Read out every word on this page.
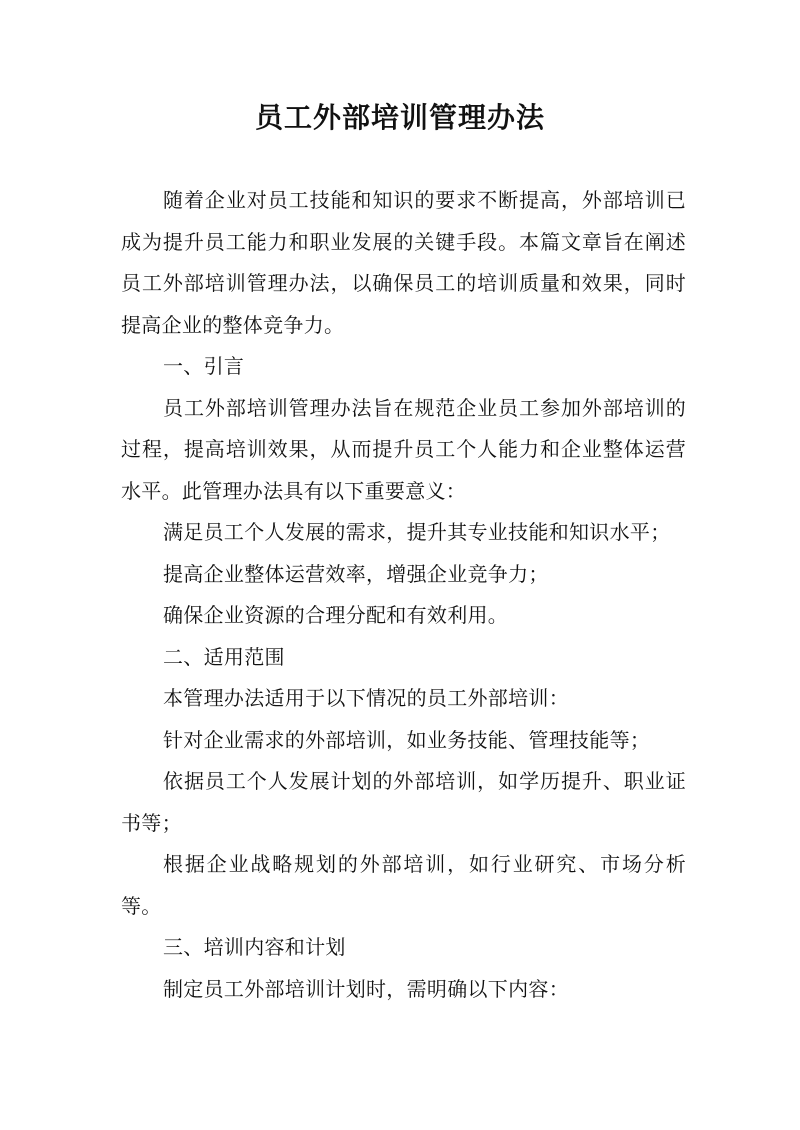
员工外部培训管理办法

随着企业对员工技能和知识的要求不断提高，外部培训已成为提升员工能力和职业发展的关键手段。本篇文章旨在阐述员工外部培训管理办法，以确保员工的培训质量和效果，同时提高企业的整体竞争力。

一、引言

员工外部培训管理办法旨在规范企业员工参加外部培训的过程，提高培训效果，从而提升员工个人能力和企业整体运营水平。此管理办法具有以下重要意义：

满足员工个人发展的需求，提升其专业技能和知识水平；

提高企业整体运营效率，增强企业竞争力；

确保企业资源的合理分配和有效利用。

二、适用范围

本管理办法适用于以下情况的员工外部培训：

针对企业需求的外部培训，如业务技能、管理技能等；

依据员工个人发展计划的外部培训，如学历提升、职业证书等；

根据企业战略规划的外部培训，如行业研究、市场分析等。

三、培训内容和计划

制定员工外部培训计划时，需明确以下内容：
